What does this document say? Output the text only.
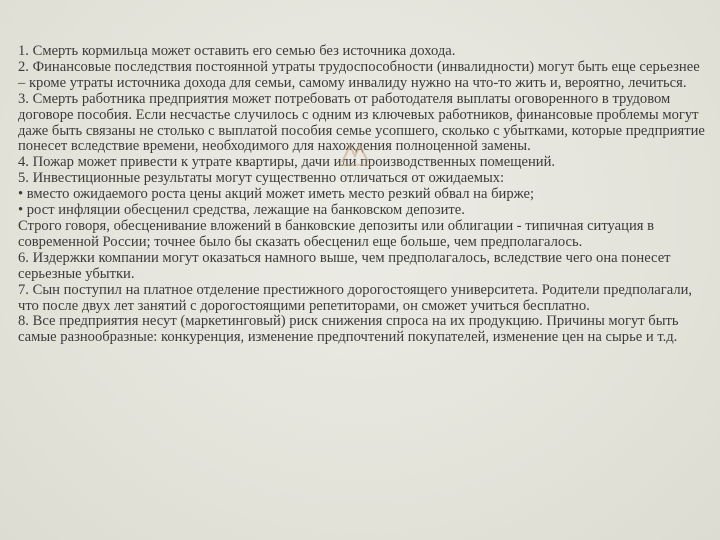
1. Смерть кормильца может оставить его семью без источника дохода.

2. Финансовые последствия постоянной утраты трудоспособности (инвалидности) могут быть еще серьезнее – кроме утраты источника дохода для семьи, самому инвалиду нужно на что-то жить и, вероятно, лечиться.

3. Смерть работника предприятия может потребовать от работодателя выплаты оговоренного в трудовом договоре пособия. Если несчастье случилось с одним из ключевых работников, финансовые проблемы могут даже быть связаны не столько с выплатой пособия семье усопшего, сколько с убытками, которые предприятие понесет вследствие времени, необходимого для нахождения полноценной замены.

4. Пожар может привести к утрате квартиры, дачи или производственных помещений.

5. Инвестиционные результаты могут существенно отличаться от ожидаемых:

• вместо ожидаемого роста цены акций может иметь место резкий обвал на бирже;

• рост инфляции обесценил средства, лежащие на банковском депозите.

Строго говоря, обесценивание вложений в банковские депозиты или облигации - типичная ситуация в современной России; точнее было бы сказать обесценил еще больше, чем предполагалось.

6. Издержки компании могут оказаться намного выше, чем предполагалось, вследствие чего она понесет серьезные убытки.

7. Сын поступил на платное отделение престижного дорогостоящего университета. Родители предполагали, что после двух лет занятий с дорогостоящими репетиторами, он сможет учиться бесплатно.

8. Все предприятия несут (маркетинговый) риск снижения спроса на их продукцию. Причины могут быть самые разнообразные: конкуренция, изменение предпочтений покупателей, изменение цен на сырье и т.д.
